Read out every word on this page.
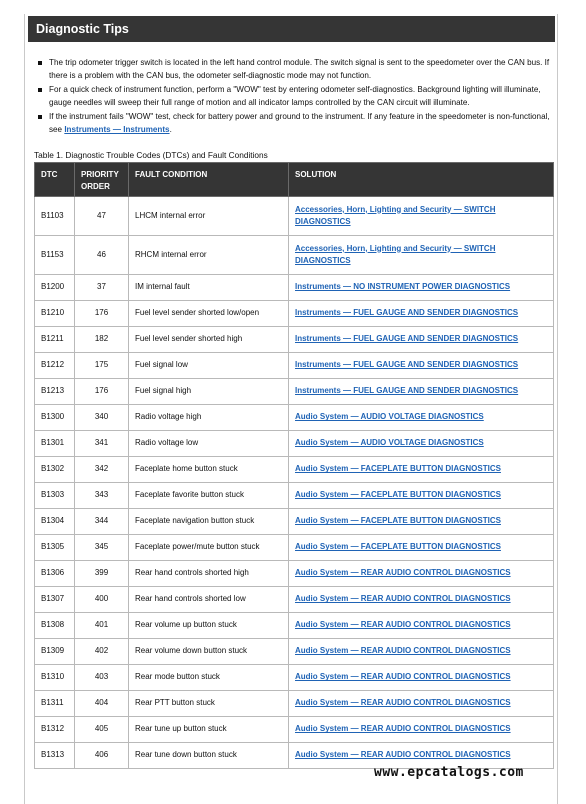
Diagnostic Tips
The trip odometer trigger switch is located in the left hand control module. The switch signal is sent to the speedometer over the CAN bus. If there is a problem with the CAN bus, the odometer self-diagnostic mode may not function.
For a quick check of instrument function, perform a "WOW" test by entering odometer self-diagnostics. Background lighting will illuminate, gauge needles will sweep their full range of motion and all indicator lamps controlled by the CAN circuit will illuminate.
If the instrument fails "WOW" test, check for battery power and ground to the instrument. If any feature in the speedometer is non-functional, see Instruments — Instruments.
Table 1. Diagnostic Trouble Codes (DTCs) and Fault Conditions
DTC	PRIORITY ORDER	FAULT CONDITION	SOLUTION
B1103	47	LHCM internal error	Accessories, Horn, Lighting and Security — SWITCH DIAGNOSTICS
B1153	46	RHCM internal error	Accessories, Horn, Lighting and Security — SWITCH DIAGNOSTICS
B1200	37	IM internal fault	Instruments — NO INSTRUMENT POWER DIAGNOSTICS
B1210	176	Fuel level sender shorted low/open	Instruments — FUEL GAUGE AND SENDER DIAGNOSTICS
B1211	182	Fuel level sender shorted high	Instruments — FUEL GAUGE AND SENDER DIAGNOSTICS
B1212	175	Fuel signal low	Instruments — FUEL GAUGE AND SENDER DIAGNOSTICS
B1213	176	Fuel signal high	Instruments — FUEL GAUGE AND SENDER DIAGNOSTICS
B1300	340	Radio voltage high	Audio System — AUDIO VOLTAGE DIAGNOSTICS
B1301	341	Radio voltage low	Audio System — AUDIO VOLTAGE DIAGNOSTICS
B1302	342	Faceplate home button stuck	Audio System — FACEPLATE BUTTON DIAGNOSTICS
B1303	343	Faceplate favorite button stuck	Audio System — FACEPLATE BUTTON DIAGNOSTICS
B1304	344	Faceplate navigation button stuck	Audio System — FACEPLATE BUTTON DIAGNOSTICS
B1305	345	Faceplate power/mute button stuck	Audio System — FACEPLATE BUTTON DIAGNOSTICS
B1306	399	Rear hand controls shorted high	Audio System — REAR AUDIO CONTROL DIAGNOSTICS
B1307	400	Rear hand controls shorted low	Audio System — REAR AUDIO CONTROL DIAGNOSTICS
B1308	401	Rear volume up button stuck	Audio System — REAR AUDIO CONTROL DIAGNOSTICS
B1309	402	Rear volume down button stuck	Audio System — REAR AUDIO CONTROL DIAGNOSTICS
B1310	403	Rear mode button stuck	Audio System — REAR AUDIO CONTROL DIAGNOSTICS
B1311	404	Rear PTT button stuck	Audio System — REAR AUDIO CONTROL DIAGNOSTICS
B1312	405	Rear tune up button stuck	Audio System — REAR AUDIO CONTROL DIAGNOSTICS
B1313	406	Rear tune down button stuck	Audio System — REAR AUDIO CONTROL DIAGNOSTICS
www.epcatalogs.com
